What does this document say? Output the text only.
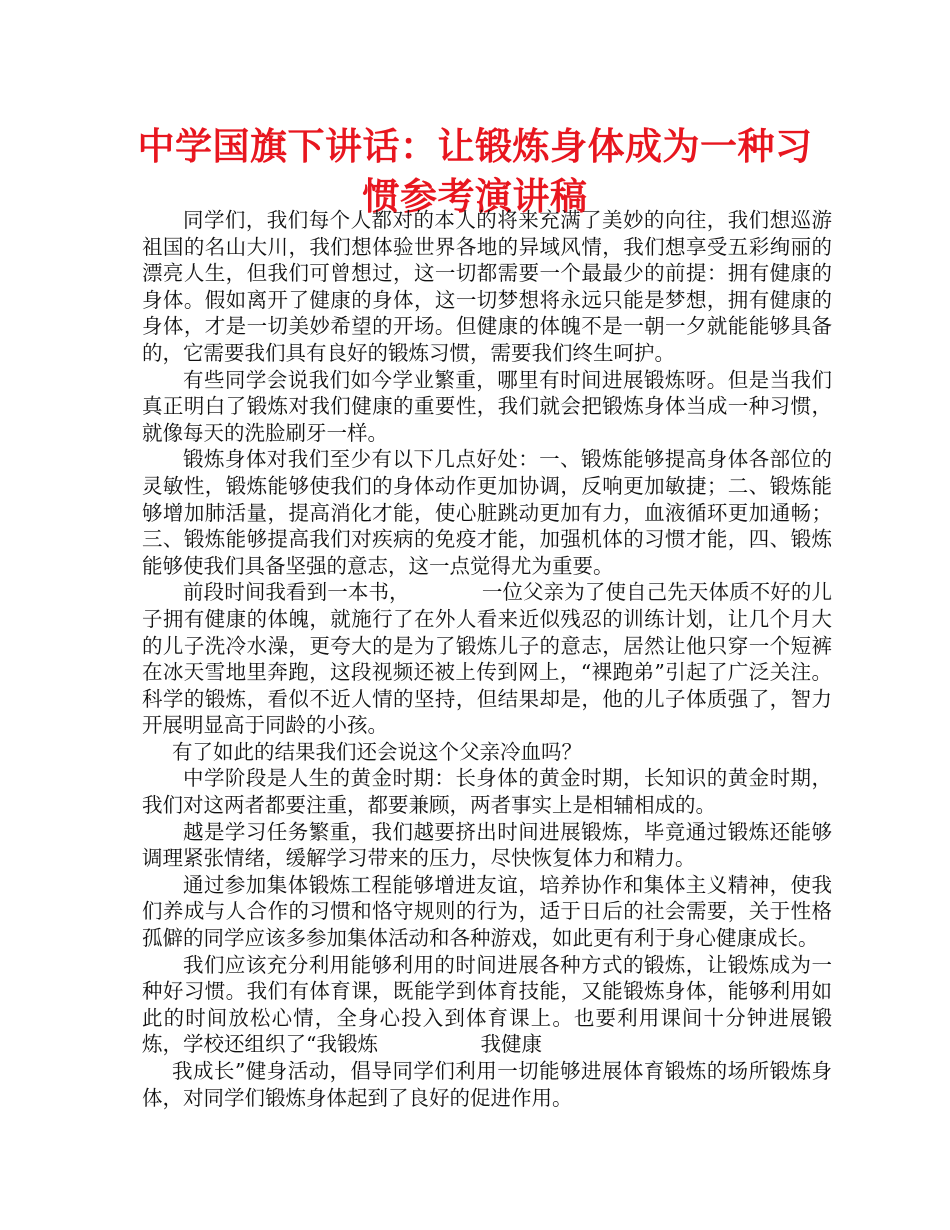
中学国旗下讲话：让锻炼身体成为一种习惯参考演讲稿

同学们，我们每个人都对的本人的将来充满了美妙的向往，我们想巡游祖国的名山大川，我们想体验世界各地的异域风情，我们想享受五彩绚丽的漂亮人生，但我们可曾想过，这一切都需要一个最最少的前提：拥有健康的身体。假如离开了健康的身体，这一切梦想将永远只能是梦想，拥有健康的身体，才是一切美妙希望的开场。但健康的体魄不是一朝一夕就能能够具备的，它需要我们具有良好的锻炼习惯，需要我们终生呵护。

有些同学会说我们如今学业繁重，哪里有时间进展锻炼呀。但是当我们真正明白了锻炼对我们健康的重要性，我们就会把锻炼身体当成一种习惯，就像每天的洗脸刷牙一样。

锻炼身体对我们至少有以下几点好处：一、锻炼能够提高身体各部位的灵敏性，锻炼能够使我们的身体动作更加协调，反响更加敏捷；二、锻炼能够增加肺活量，提高消化才能，使心脏跳动更加有力，血液循环更加通畅；三、锻炼能够提高我们对疾病的免疫才能，加强机体的习惯才能，四、锻炼能够使我们具备坚强的意志，这一点觉得尤为重要。

前段时间我看到一本书，　　　　一位父亲为了使自己先天体质不好的儿子拥有健康的体魄，就施行了在外人看来近似残忍的训练计划，让几个月大的儿子洗冷水澡，更夸大的是为了锻炼儿子的意志，居然让他只穿一个短裤在冰天雪地里奔跑，这段视频还被上传到网上，“裸跑弟”引起了广泛关注。科学的锻炼，看似不近人情的坚持，但结果却是，他的儿子体质强了，智力开展明显高于同龄的小孩。

有了如此的结果我们还会说这个父亲冷血吗？

中学阶段是人生的黄金时期：长身体的黄金时期，长知识的黄金时期，我们对这两者都要注重，都要兼顾，两者事实上是相辅相成的。

越是学习任务繁重，我们越要挤出时间进展锻炼，毕竟通过锻炼还能够调理紧张情绪，缓解学习带来的压力，尽快恢复体力和精力。

通过参加集体锻炼工程能够增进友谊，培养协作和集体主义精神，使我们养成与人合作的习惯和恪守规则的行为，适于日后的社会需要，关于性格孤僻的同学应该多参加集体活动和各种游戏，如此更有利于身心健康成长。

我们应该充分利用能够利用的时间进展各种方式的锻炼，让锻炼成为一种好习惯。我们有体育课，既能学到体育技能，又能锻炼身体，能够利用如此的时间放松心情，全身心投入到体育课上。也要利用课间十分钟进展锻炼，学校还组织了“我锻炼　　　　　我健康

我成长”健身活动，倡导同学们利用一切能够进展体育锻炼的场所锻炼身体，对同学们锻炼身体起到了良好的促进作用。
